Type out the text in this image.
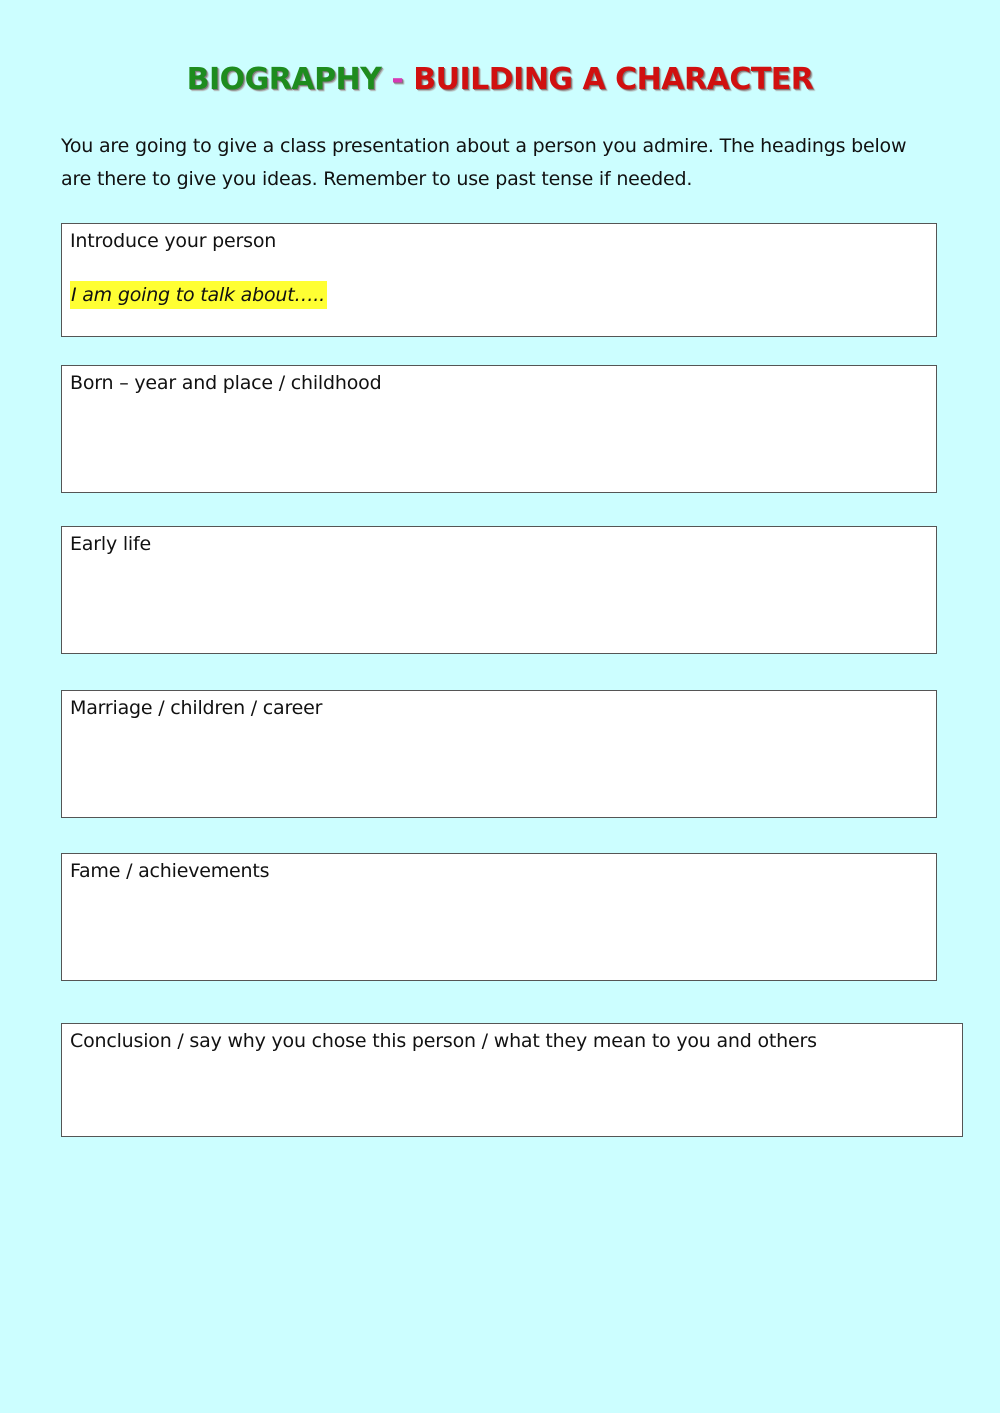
BIOGRAPHY - BUILDING A CHARACTER
You are going to give a class presentation about a person you admire. The headings below are there to give you ideas. Remember to use past tense if needed.
Introduce your person
I am going to talk about…..
Born – year and place / childhood
Early life
Marriage / children / career
Fame / achievements
Conclusion / say why you chose this person / what they mean to you and others
